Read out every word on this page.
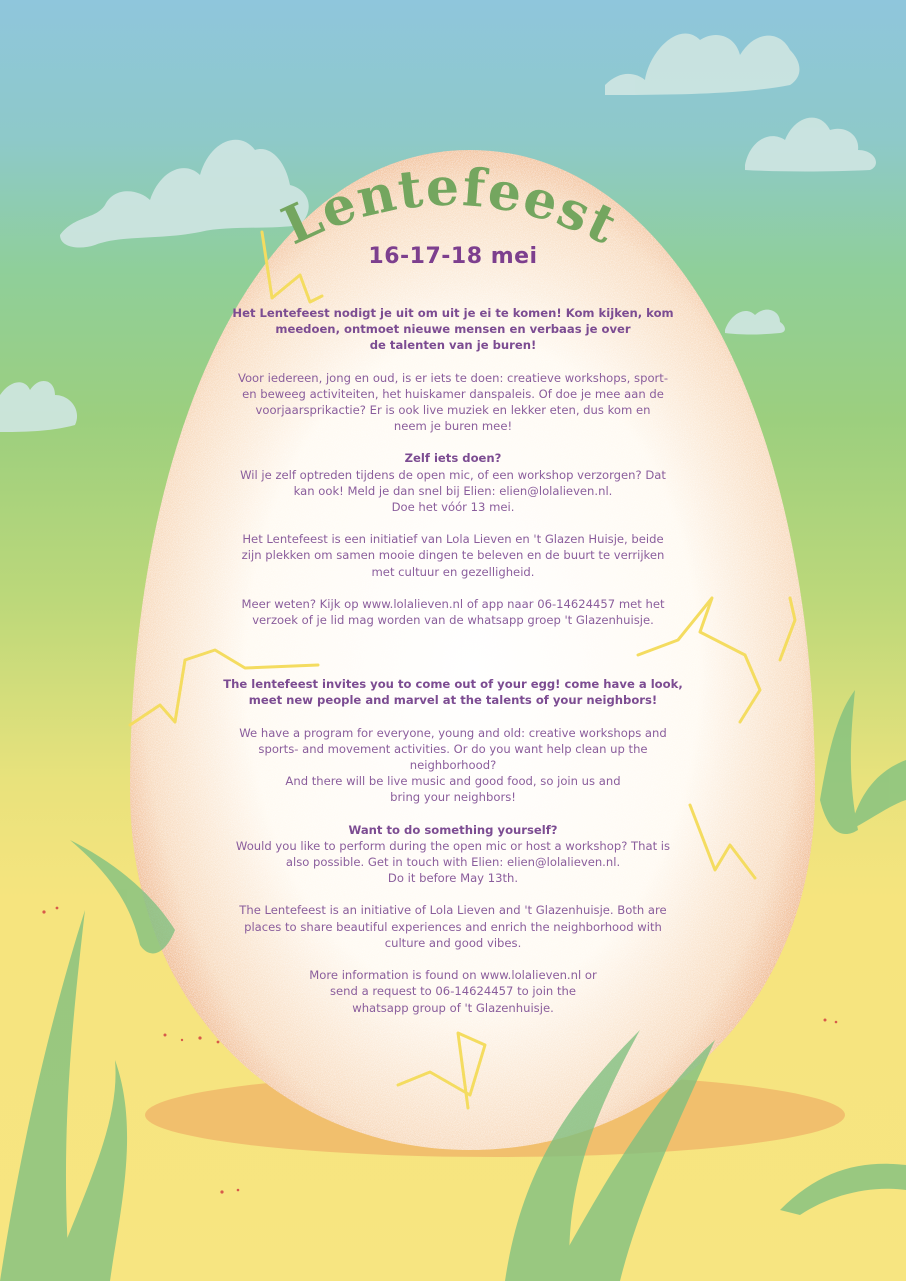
Lentefeest
16-17-18 mei

Het Lentefeest nodigt je uit om uit je ei te komen! Kom kijken, kom
meedoen, ontmoet nieuwe mensen en verbaas je over
de talenten van je buren!

Voor iedereen, jong en oud, is er iets te doen: creatieve workshops, sport-
en beweeg activiteiten, het huiskamer danspaleis. Of doe je mee aan de
voorjaarsprikactie? Er is ook live muziek en lekker eten, dus kom en
neem je buren mee!

Zelf iets doen?
Wil je zelf optreden tijdens de open mic, of een workshop verzorgen? Dat
kan ook! Meld je dan snel bij Elien: elien@lolalieven.nl.
Doe het vóór 13 mei.

Het Lentefeest is een initiatief van Lola Lieven en 't Glazen Huisje, beide
zijn plekken om samen mooie dingen te beleven en de buurt te verrijken
met cultuur en gezelligheid.

Meer weten? Kijk op www.lolalieven.nl of app naar 06-14624457 met het
verzoek of je lid mag worden van de whatsapp groep 't Glazenhuisje.

The lentefeest invites you to come out of your egg! come have a look,
meet new people and marvel at the talents of your neighbors!

We have a program for everyone, young and old: creative workshops and
sports- and movement activities. Or do you want help clean up the
neighborhood?
And there will be live music and good food, so join us and
bring your neighbors!

Want to do something yourself?
Would you like to perform during the open mic or host a workshop? That is
also possible. Get in touch with Elien: elien@lolalieven.nl.
Do it before May 13th.

The Lentefeest is an initiative of Lola Lieven and 't Glazenhuisje. Both are
places to share beautiful experiences and enrich the neighborhood with
culture and good vibes.

More information is found on www.lolalieven.nl or
send a request to 06-14624457 to join the
whatsapp group of 't Glazenhuisje.
